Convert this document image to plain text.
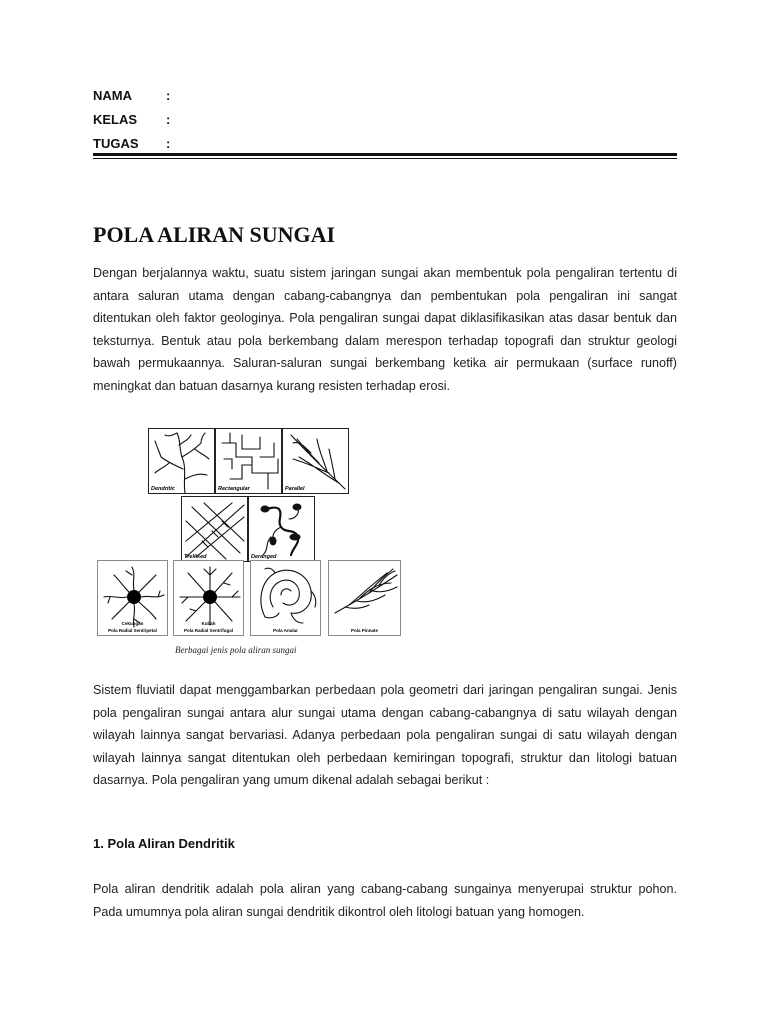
NAMA	:
KELAS :
TUGAS :
POLA ALIRAN SUNGAI

Dengan berjalannya waktu, suatu sistem jaringan sungai akan membentuk pola pengaliran tertentu di antara saluran utama dengan cabang-cabangnya dan pembentukan pola pengaliran ini sangat ditentukan oleh faktor geologinya. Pola pengaliran sungai dapat diklasifikasikan atas dasar bentuk dan teksturnya. Bentuk atau pola berkembang dalam merespon terhadap topografi dan struktur geologi bawah permukaannya. Saluran-saluran sungai berkembang ketika air permukaan (surface runoff) meningkat dan batuan dasarnya kurang resisten terhadap erosi.

Dendritic	Rectangular	Parallel
Trellised	Deranged
Cekungan
Pola Radial Sentripetal
Kubah
Pola Radial Sentrifugal	Pola Anular	Pola Pinnate

Berbagai jenis pola aliran sungai

Sistem fluviatil dapat menggambarkan perbedaan pola geometri dari jaringan pengaliran sungai. Jenis pola pengaliran sungai antara alur sungai utama dengan cabang-cabangnya di satu wilayah dengan wilayah lainnya sangat bervariasi. Adanya perbedaan pola pengaliran sungai di satu wilayah dengan wilayah lainnya sangat ditentukan oleh perbedaan kemiringan topografi, struktur dan litologi batuan dasarnya. Pola pengaliran yang umum dikenal adalah sebagai berikut :

1. Pola Aliran Dendritik

Pola aliran dendritik adalah pola aliran yang cabang-cabang sungainya menyerupai struktur pohon. Pada umumnya pola aliran sungai dendritik dikontrol oleh litologi batuan yang homogen.
